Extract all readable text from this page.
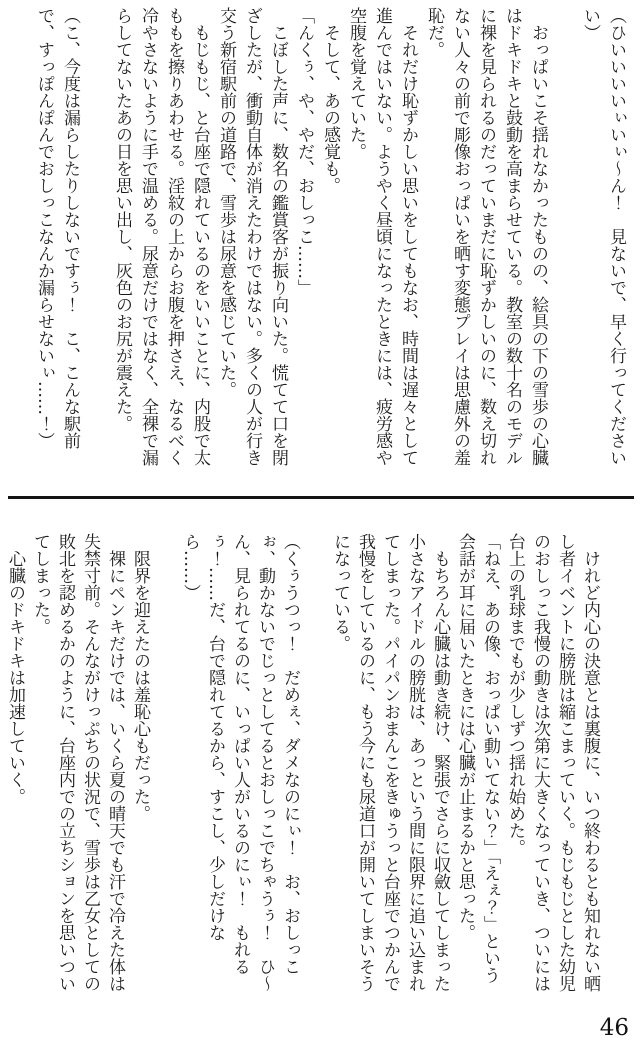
（ひいいいいぃいぃ〜ん！　見ないで、早く行ってくださいい）

　おっぱいこそ揺れなかったものの、絵具の下の雪歩の心臓はドキドキと鼓動を高まらせている。教室の数十名のモデルに裸を見られるのだっていまだに恥ずかしいのに、数え切れない人々の前で彫像おっぱいを晒す変態プレイは思慮外の羞恥だ。

　それだけ恥ずかしい思いをしてもなお、時間は遅々として進んではいない。ようやく昼頃になったときには、疲労感や空腹を覚えていた。

　そして、あの感覚も。

「んくぅ、や、やだ、おしっこ……」

　こぼした声に、数名の鑑賞客が振り向いた。慌てて口を閉ざしたが、衝動自体が消えたわけではない。多くの人が行き交う新宿駅前の道路で、雪歩は尿意を感じていた。

　もじもじ、と台座で隠れているのをいいことに、内股で太ももを擦りあわせる。淫紋の上からお腹を押さえ、なるべく冷やさないように手で温める。尿意だけではなく、全裸で漏らしてないたあの日を思い出し、灰色のお尻が震えた。

（こ、今度は漏らしたりしないですぅ！　こ、こんな駅前で、すっぽんぽんでおしっこなんか漏らせないぃ……！）

　けれど内心の決意とは裏腹に、いつ終わるとも知れない晒し者イベントに膀胱は縮こまっていく。もじもじとした幼児のおしっこ我慢の動きは次第に大きくなっていき、ついには台上の乳球までもが少しずつ揺れ始めた。

「ねえ、あの像、おっぱい動いてない？」「えぇ？」という会話が耳に届いたときには心臓が止まるかと思った。

　もちろん心臓は動き続け、緊張でさらに収斂してしまった小さなアイドルの膀胱は、あっという間に限界に追い込まれてしまった。パイパンおまんこをきゅうっと台座でつかんで我慢をしているのに、もう今にも尿道口が開いてしまいそうになっている。

（くぅうつっ！　だめぇ、ダメなのにぃ！　お、おしっこぉ、動かないでじっとしてるとおしっこでちゃうぅ！　ひ〜ん、見られてるのに、いっぱい人がいるのにぃ！　もれるぅ！……だ、台で隠れてるから、すこし、少しだけなら……）

　限界を迎えたのは羞恥心もだった。

　裸にペンキだけでは、いくら夏の晴天でも汗で冷えた体は失禁寸前。そんながけっぷちの状況で、雪歩は乙女としての敗北を認めるかのように、台座内での立ちションを思いついてしまった。

　心臓のドキドキは加速していく。

46
